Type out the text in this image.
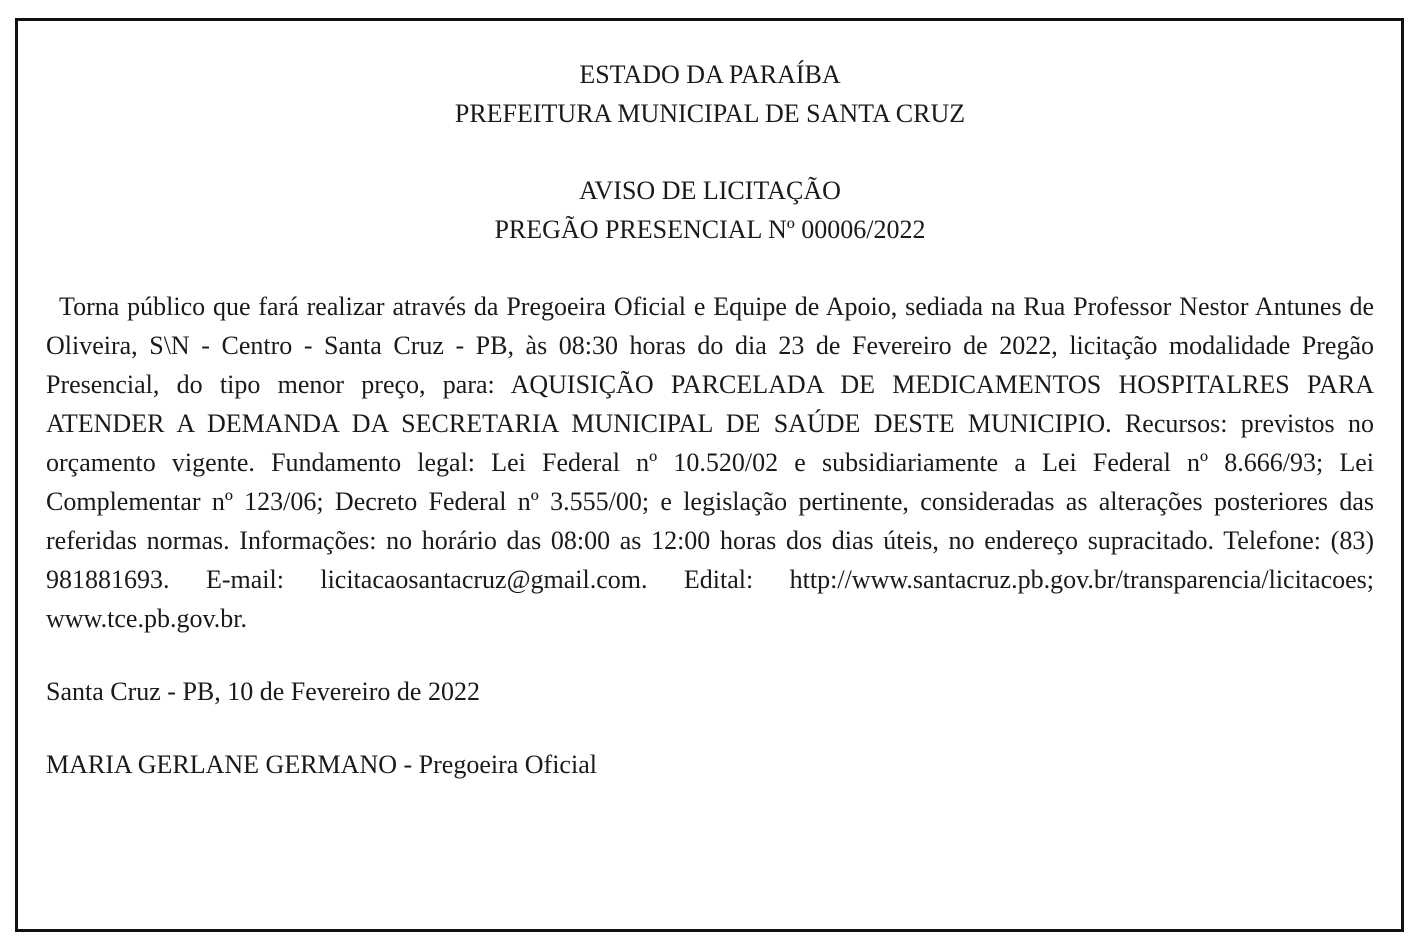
ESTADO DA PARAÍBA
PREFEITURA MUNICIPAL DE SANTA CRUZ
AVISO DE LICITAÇÃO
PREGÃO PRESENCIAL Nº 00006/2022
Torna público que fará realizar através da Pregoeira Oficial e Equipe de Apoio, sediada na Rua Professor Nestor Antunes de Oliveira, S\N - Centro - Santa Cruz - PB, às 08:30 horas do dia 23 de Fevereiro de 2022, licitação modalidade Pregão Presencial, do tipo menor preço, para: AQUISIÇÃO PARCELADA DE MEDICAMENTOS HOSPITALRES PARA ATENDER A DEMANDA DA SECRETARIA MUNICIPAL DE SAÚDE DESTE MUNICIPIO. Recursos: previstos no orçamento vigente. Fundamento legal: Lei Federal nº 10.520/02 e subsidiariamente a Lei Federal nº 8.666/93; Lei Complementar nº 123/06; Decreto Federal nº 3.555/00; e legislação pertinente, consideradas as alterações posteriores das referidas normas. Informações: no horário das 08:00 as 12:00 horas dos dias úteis, no endereço supracitado. Telefone: (83) 981881693. E-mail: licitacaosantacruz@gmail.com. Edital: http://www.santacruz.pb.gov.br/transparencia/licitacoes; www.tce.pb.gov.br.
Santa Cruz - PB, 10 de Fevereiro de 2022
MARIA GERLANE GERMANO - Pregoeira Oficial
